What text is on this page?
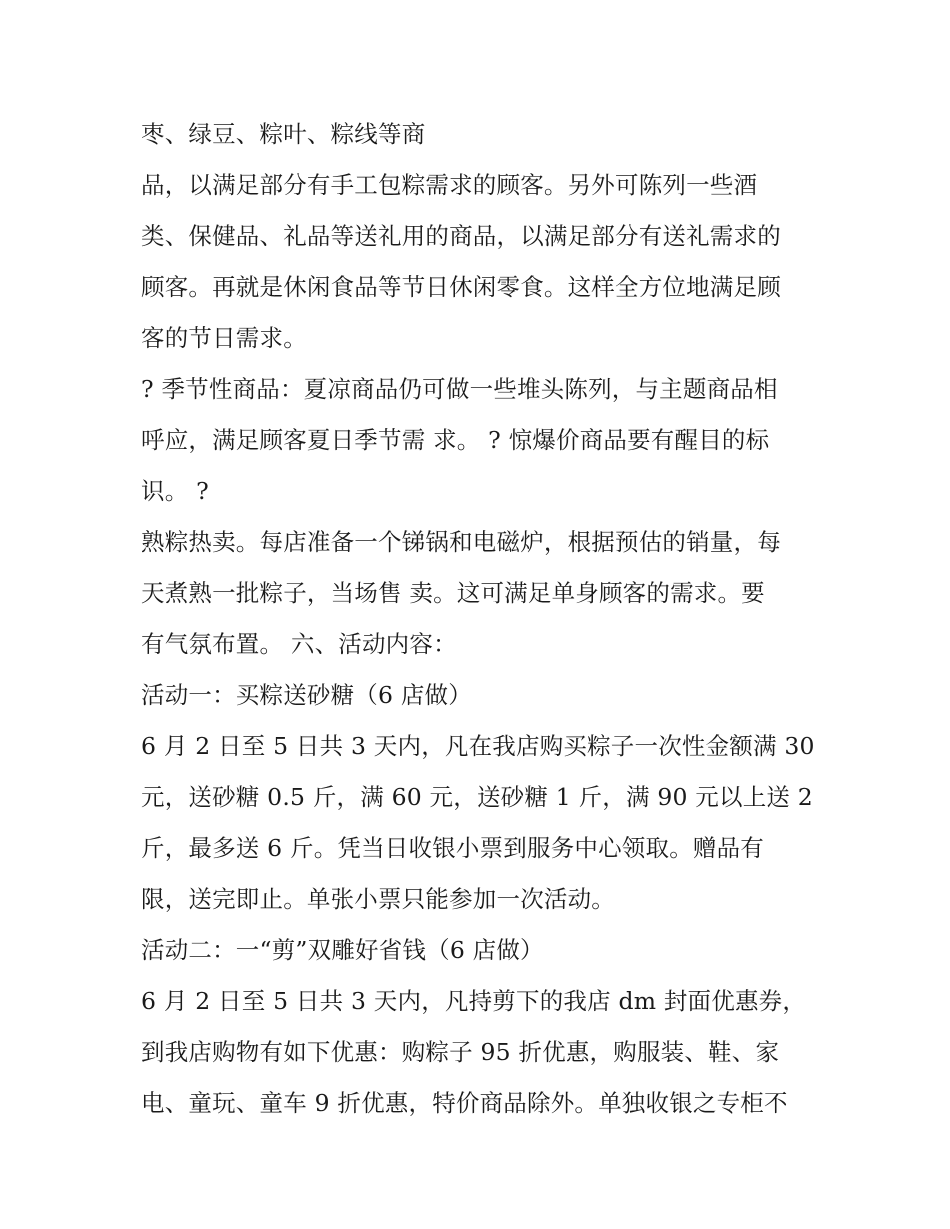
枣、绿豆、粽叶、粽线等商
品，以满足部分有手工包粽需求的顾客。另外可陈列一些酒
类、保健品、礼品等送礼用的商品，以满足部分有送礼需求的
顾客。再就是休闲食品等节日休闲零食。这样全方位地满足顾
客的节日需求。
? 季节性商品：夏凉商品仍可做一些堆头陈列，与主题商品相
呼应，满足顾客夏日季节需 求。 ? 惊爆价商品要有醒目的标
识。 ?
熟粽热卖。每店准备一个锑锅和电磁炉，根据预估的销量，每
天煮熟一批粽子，当场售 卖。这可满足单身顾客的需求。要
有气氛布置。 六、活动内容：
活动一：买粽送砂糖（6 店做）
6 月 2 日至 5 日共 3 天内，凡在我店购买粽子一次性金额满 30
元，送砂糖 0.5 斤，满 60 元，送砂糖 1 斤，满 90 元以上送 2
斤，最多送 6 斤。凭当日收银小票到服务中心领取。赠品有
限，送完即止。单张小票只能参加一次活动。
活动二：一“剪”双雕好省钱（6 店做）
6 月 2 日至 5 日共 3 天内，凡持剪下的我店 dm 封面优惠券，
到我店购物有如下优惠：购粽子 95 折优惠，购服装、鞋、家
电、童玩、童车 9 折优惠，特价商品除外。单独收银之专柜不
